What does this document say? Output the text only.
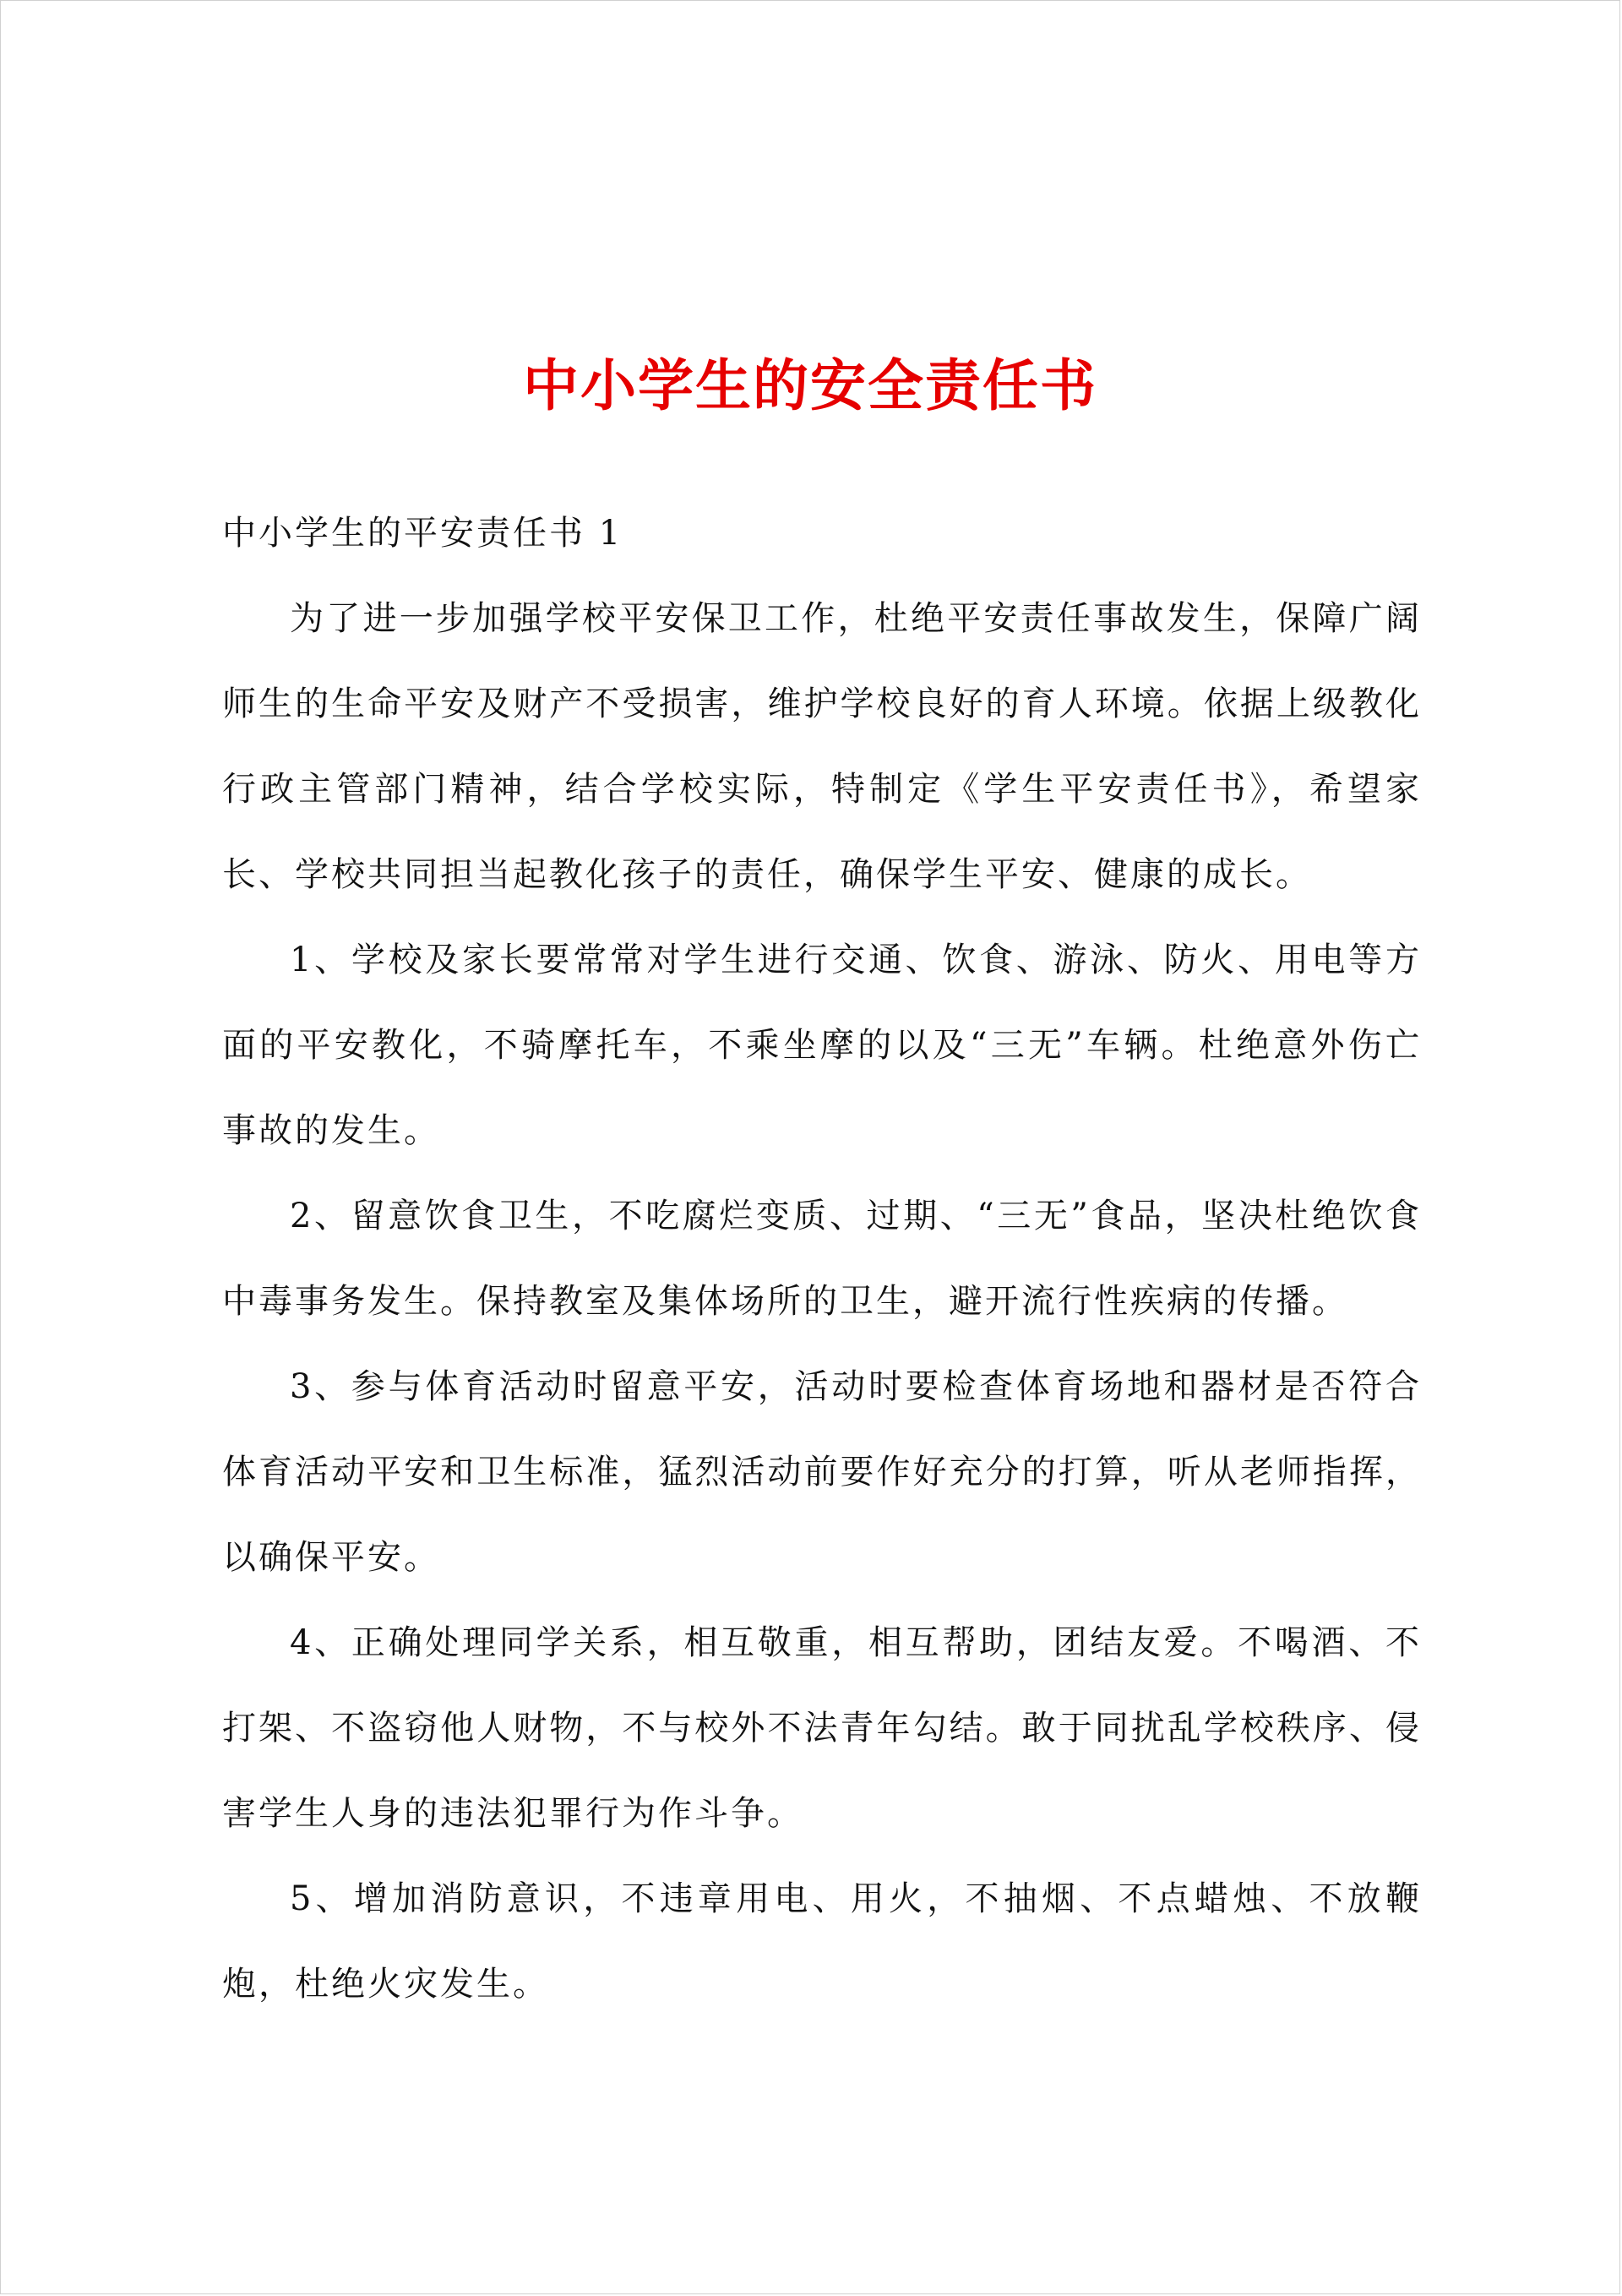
中小学生的安全责任书

中小学生的平安责任书 1

为了进一步加强学校平安保卫工作，杜绝平安责任事故发生，保障广阔师生的生命平安及财产不受损害，维护学校良好的育人环境。依据上级教化行政主管部门精神，结合学校实际，特制定《学生平安责任书》，希望家长、学校共同担当起教化孩子的责任，确保学生平安、健康的成长。

1、学校及家长要常常对学生进行交通、饮食、游泳、防火、用电等方面的平安教化，不骑摩托车，不乘坐摩的以及“三无”车辆。杜绝意外伤亡事故的发生。

2、留意饮食卫生，不吃腐烂变质、过期、“三无”食品，坚决杜绝饮食中毒事务发生。保持教室及集体场所的卫生，避开流行性疾病的传播。

3、参与体育活动时留意平安，活动时要检查体育场地和器材是否符合体育活动平安和卫生标准，猛烈活动前要作好充分的打算，听从老师指挥，以确保平安。

4、正确处理同学关系，相互敬重，相互帮助，团结友爱。不喝酒、不打架、不盗窃他人财物，不与校外不法青年勾结。敢于同扰乱学校秩序、侵害学生人身的违法犯罪行为作斗争。

5、增加消防意识，不违章用电、用火，不抽烟、不点蜡烛、不放鞭炮，杜绝火灾发生。
